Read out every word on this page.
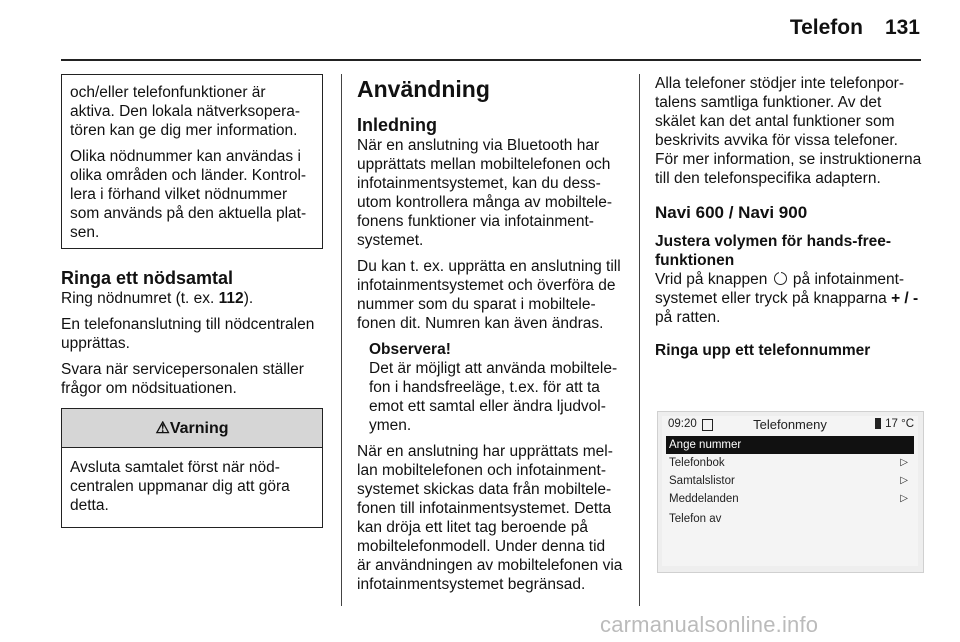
Telefon 131

och/eller telefonfunktioner är aktiva. Den lokala nätverksoperatören kan ge dig mer information.

Olika nödnummer kan användas i olika områden och länder. Kontrollera i förhand vilket nödnummer som används på den aktuella platsen.

Ringa ett nödsamtal

Ring nödnumret (t. ex. 112).

En telefonanslutning till nödcentralen upprättas.

Svara när servicepersonalen ställer frågor om nödsituationen.

⚠ Varning
Avsluta samtalet först när nödcentralen uppmanar dig att göra detta.
Användning
Inledning

När en anslutning via Bluetooth har upprättats mellan mobiltelefonen och infotainmentsystemet, kan du dessutom kontrollera många av mobiltelefonens funktioner via infotainmentsystemet.

Du kan t. ex. upprätta en anslutning till infotainmentsystemet och överföra de nummer som du sparat i mobiltelefonen dit. Numren kan även ändras.

Observera!

Det är möjligt att använda mobiltelefon i handsfreeläge, t.ex. för att ta emot ett samtal eller ändra ljudvolymen.

När en anslutning har upprättats mellan mobiltelefonen och infotainmentsystemet skickas data från mobiltelefonen till infotainmentsystemet. Detta kan dröja ett litet tag beroende på mobiltelefonmodell. Under denna tid är användningen av mobiltelefonen via infotainmentsystemet begränsad.

Alla telefoner stödjer inte telefonportalens samtliga funktioner. Av det skälet kan det antal funktioner som beskrivits avvika för vissa telefoner. För mer information, se instruktionerna till den telefonspecifika adaptern.

Navi 600 / Navi 900
Justera volymen för hands-free-funktionen

Vrid på knappen  på infotainmentsystemet eller tryck på knapparna + / - på ratten.

Ringa upp ett telefonnummer
09:20	Telefonmeny	17 °C
Ange nummer
Telefonbok	▷
Samtalslistor	▷
Meddelanden	▷
Telefon av
carmanualsonline.info
